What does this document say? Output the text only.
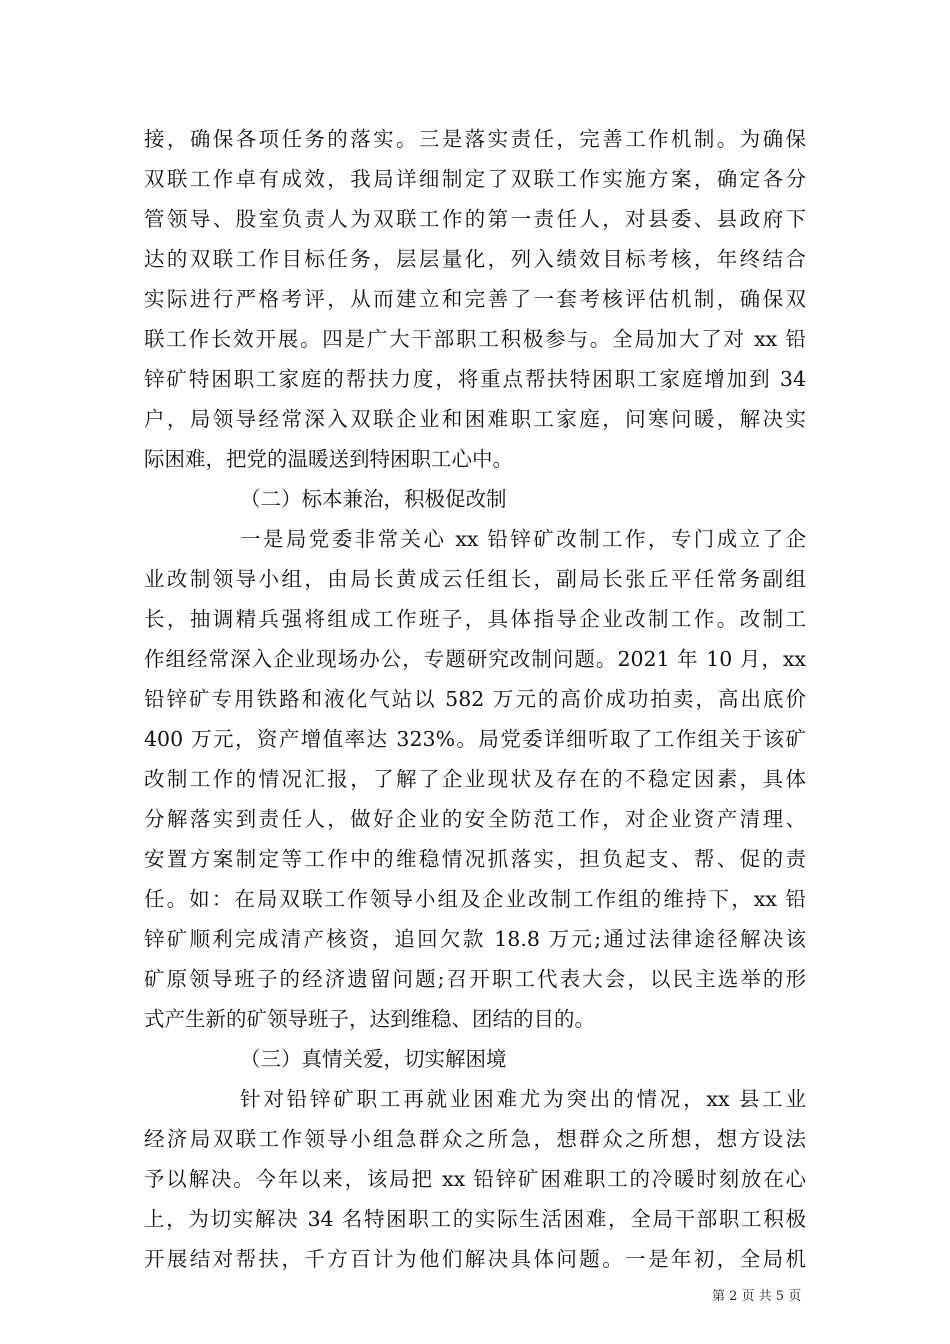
接，确保各项任务的落实。三是落实责任，完善工作机制。为确保
双联工作卓有成效，我局详细制定了双联工作实施方案，确定各分
管领导、股室负责人为双联工作的第一责任人，对县委、县政府下
达的双联工作目标任务，层层量化，列入绩效目标考核，年终结合
实际进行严格考评，从而建立和完善了一套考核评估机制，确保双
联工作长效开展。四是广大干部职工积极参与。全局加大了对 xx 铅
锌矿特困职工家庭的帮扶力度，将重点帮扶特困职工家庭增加到 34
户，局领导经常深入双联企业和困难职工家庭，问寒问暖，解决实
际困难，把党的温暖送到特困职工心中。
（二）标本兼治，积极促改制
一是局党委非常关心 xx 铅锌矿改制工作，专门成立了企
业改制领导小组，由局长黄成云任组长，副局长张丘平任常务副组
长，抽调精兵强将组成工作班子，具体指导企业改制工作。改制工
作组经常深入企业现场办公，专题研究改制问题。2021 年 10 月，xx
铅锌矿专用铁路和液化气站以 582 万元的高价成功拍卖，高出底价
400 万元，资产增值率达 323%。局党委详细听取了工作组关于该矿
改制工作的情况汇报，了解了企业现状及存在的不稳定因素，具体
分解落实到责任人，做好企业的安全防范工作，对企业资产清理、
安置方案制定等工作中的维稳情况抓落实，担负起支、帮、促的责
任。如：在局双联工作领导小组及企业改制工作组的维持下，xx 铅
锌矿顺利完成清产核资，追回欠款 18.8 万元;通过法律途径解决该
矿原领导班子的经济遗留问题;召开职工代表大会，以民主选举的形
式产生新的矿领导班子，达到维稳、团结的目的。
（三）真情关爱，切实解困境
针对铅锌矿职工再就业困难尤为突出的情况，xx 县工业
经济局双联工作领导小组急群众之所急，想群众之所想，想方设法
予以解决。今年以来，该局把 xx 铅锌矿困难职工的冷暖时刻放在心
上，为切实解决 34 名特困职工的实际生活困难，全局干部职工积极
开展结对帮扶，千方百计为他们解决具体问题。一是年初，全局机
第 2 页 共 5 页
